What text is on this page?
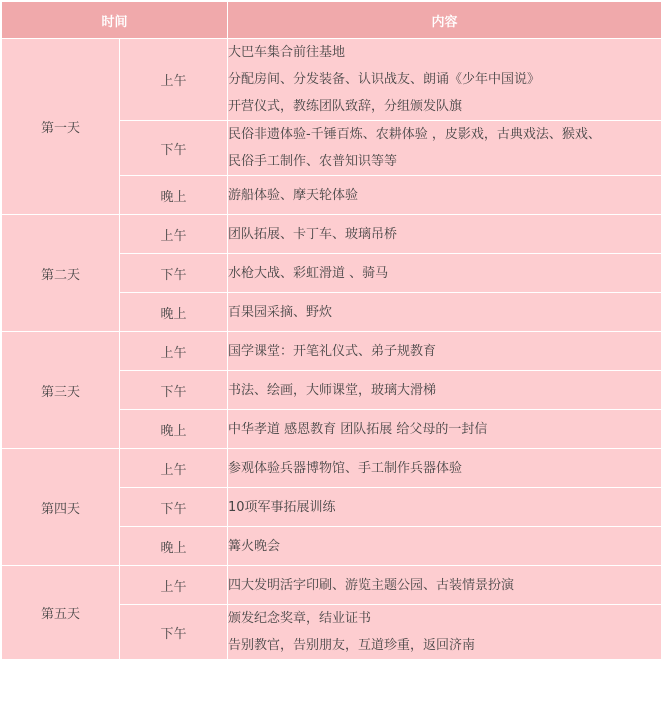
时间		内容
第一天	上午	大巴车集合前往基地
分配房间、分发装备、认识战友、朗诵《少年中国说》
开营仪式，教练团队致辞，分组颁发队旗

	下午	民俗非遗体验-千锤百炼、农耕体验 ，皮影戏，古典戏法、猴戏、
民俗手工制作、农普知识等等

	晚上	游船体验、摩天轮体验

第二天	上午	团队拓展、卡丁车、玻璃吊桥

	下午	水枪大战、彩虹滑道 、骑马

	晚上	百果园采摘、野炊

第三天	上午	国学课堂：开笔礼仪式、弟子规教育

	下午	书法、绘画，大师课堂，玻璃大滑梯

	晚上	中华孝道 感恩教育 团队拓展 给父母的一封信

第四天	上午	参观体验兵器博物馆、手工制作兵器体验

	下午	10项军事拓展训练

	晚上	篝火晚会

第五天	上午	四大发明活字印刷、游览主题公园、古装情景扮演

	下午	颁发纪念奖章，结业证书
告别教官，告别朋友，互道珍重，返回济南
